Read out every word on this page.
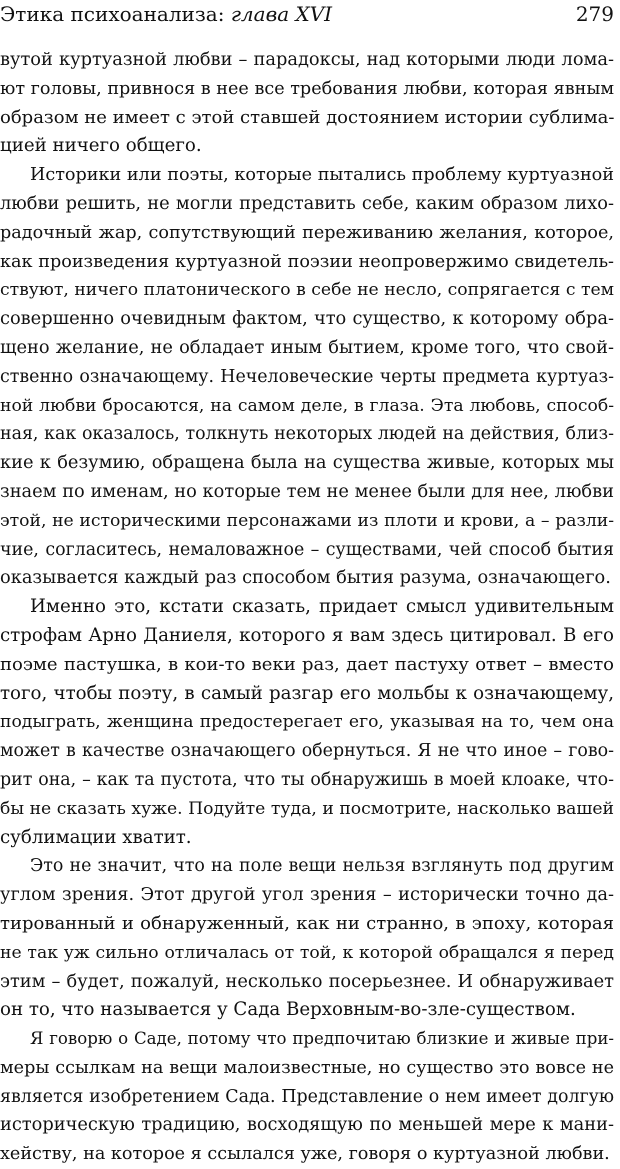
Этика психоанализа: глава XVI	279
вутой куртуазной любви – парадоксы, над которыми люди лома-
ют головы, привнося в нее все требования любви, которая явным
образом не имеет с этой ставшей достоянием истории сублима-
цией ничего общего.
Историки или поэты, которые пытались проблему куртуазной
любви решить, не могли представить себе, каким образом лихо-
радочный жар, сопутствующий переживанию желания, которое,
как произведения куртуазной поэзии неопровержимо свидетель-
ствуют, ничего платонического в себе не несло, сопрягается с тем
совершенно очевидным фактом, что существо, к которому обра-
щено желание, не обладает иным бытием, кроме того, что свой-
ственно означающему. Нечеловеческие черты предмета куртуаз-
ной любви бросаются, на самом деле, в глаза. Эта любовь, способ-
ная, как оказалось, толкнуть некоторых людей на действия, близ-
кие к безумию, обращена была на существа живые, которых мы
знаем по именам, но которые тем не менее были для нее, любви
этой, не историческими персонажами из плоти и крови, а – разли-
чие, согласитесь, немаловажное – существами, чей способ бытия
оказывается каждый раз способом бытия разума, означающего.
Именно это, кстати сказать, придает смысл удивительным
строфам Арно Даниеля, которого я вам здесь цитировал. В его
поэме пастушка, в кои-то веки раз, дает пастуху ответ – вместо
того, чтобы поэту, в самый разгар его мольбы к означающему,
подыграть, женщина предостерегает его, указывая на то, чем она
может в качестве означающего обернуться. Я не что иное – гово-
рит она, – как та пустота, что ты обнаружишь в моей клоаке, что-
бы не сказать хуже. Подуйте туда, и посмотрите, насколько вашей
сублимации хватит.
Это не значит, что на поле вещи нельзя взглянуть под другим
углом зрения. Этот другой угол зрения – исторически точно да-
тированный и обнаруженный, как ни странно, в эпоху, которая
не так уж сильно отличалась от той, к которой обращался я перед
этим – будет, пожалуй, несколько посерьезнее. И обнаруживает
он то, что называется у Сада Верховным-во-зле-существом.
Я говорю о Саде, потому что предпочитаю близкие и живые при-
меры ссылкам на вещи малоизвестные, но существо это вовсе не
является изобретением Сада. Представление о нем имеет долгую
историческую традицию, восходящую по меньшей мере к мани-
хейству, на которое я ссылался уже, говоря о куртуазной любви.
